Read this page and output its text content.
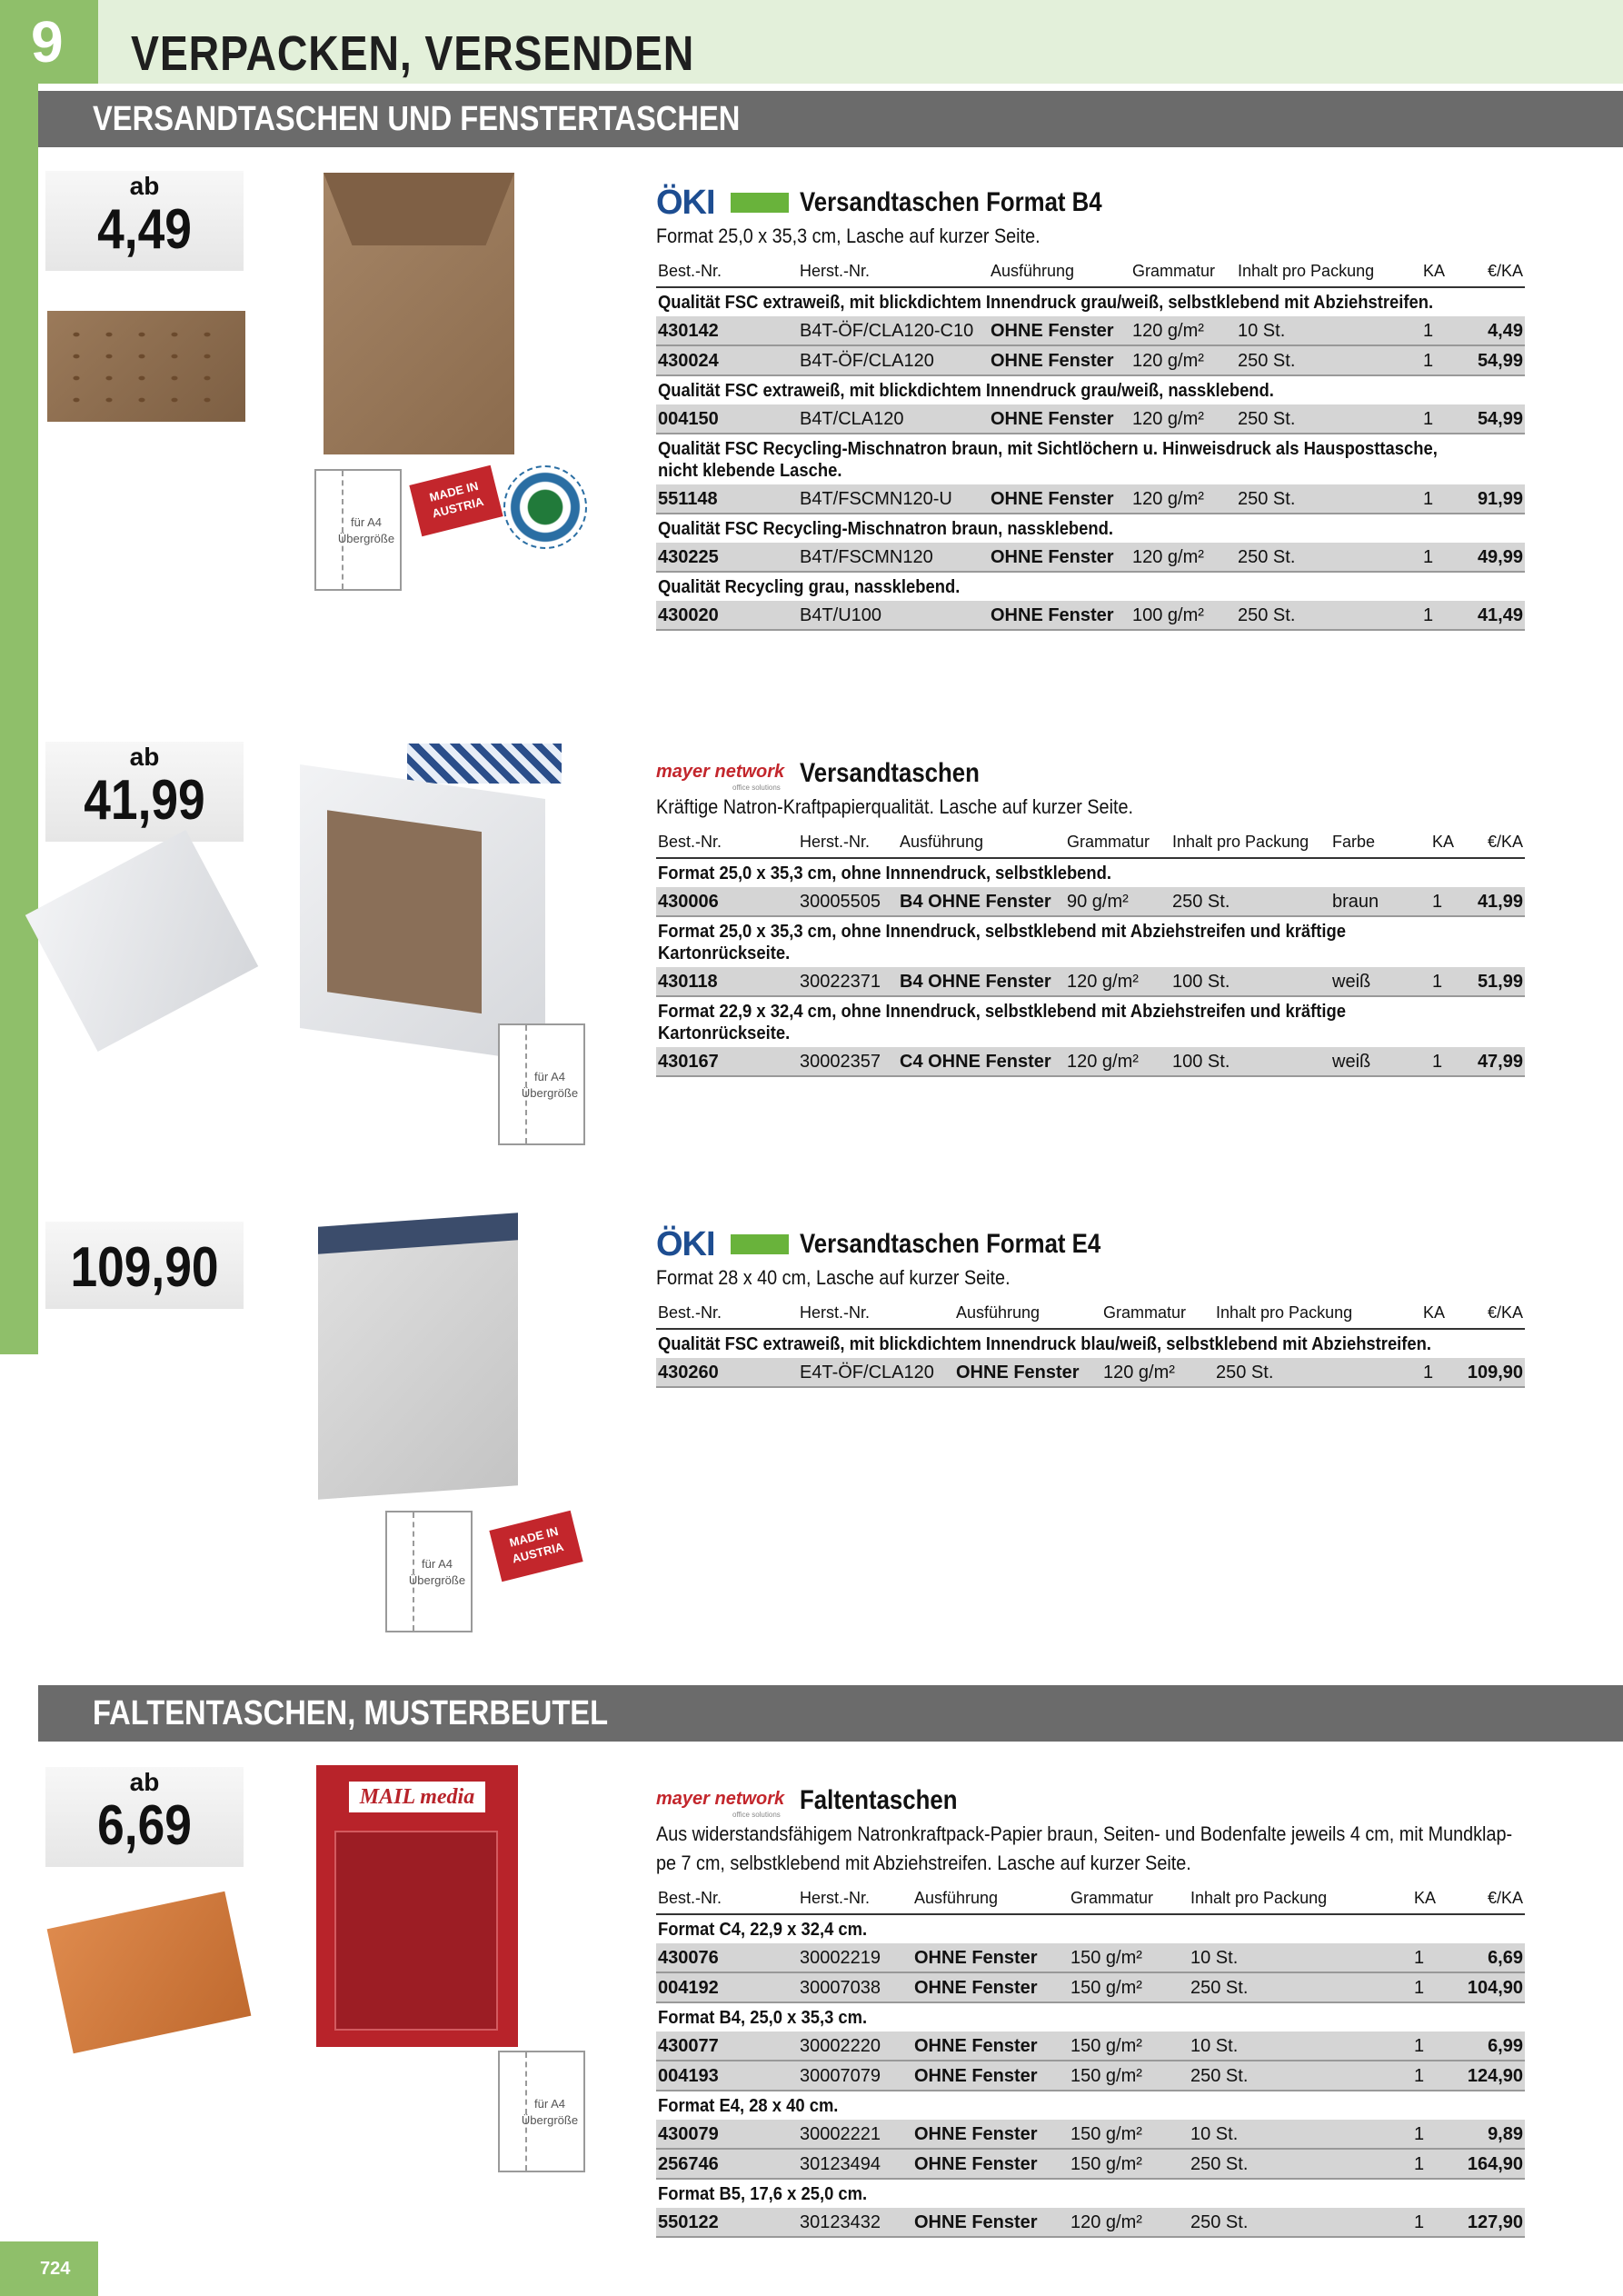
9	VERPACKEN, VERSENDEN
VERSANDTASCHEN UND FENSTERTASCHEN
ab
4,49
für A4 Übergröße
MADE IN AUSTRIA
ÖKI	Versandtaschen Format B4
Format 25,0 x 35,3 cm, Lasche auf kurzer Seite.
Best.-Nr.	Herst.-Nr.	Ausführung	Grammatur	Inhalt pro Packung	KA	€/KA
Qualität FSC extraweiß, mit blickdichtem Innendruck grau/weiß, selbstklebend mit Abziehstreifen.						
430142	B4T-ÖF/CLA120-C10	OHNE Fenster	120 g/m²	10 St.	1	4,49
430024	B4T-ÖF/CLA120	OHNE Fenster	120 g/m²	250 St.	1	54,99
Qualität FSC extraweiß, mit blickdichtem Innendruck grau/weiß, nassklebend.						
004150	B4T/CLA120	OHNE Fenster	120 g/m²	250 St.	1	54,99
Qualität FSC Recycling-Mischnatron braun, mit Sichtlöchern u. Hinweisdruck als Hausposttasche, nicht klebende Lasche.						
551148	B4T/FSCMN120-U	OHNE Fenster	120 g/m²	250 St.	1	91,99
Qualität FSC Recycling-Mischnatron braun, nassklebend.						
430225	B4T/FSCMN120	OHNE Fenster	120 g/m²	250 St.	1	49,99
Qualität Recycling grau, nassklebend.						
430020	B4T/U100	OHNE Fenster	100 g/m²	250 St.	1	41,49
ab
41,99
für A4 Übergröße
mayer network
office solutions Versandtaschen
Kräftige Natron-Kraftpapierqualität. Lasche auf kurzer Seite.
Best.-Nr.	Herst.-Nr.	Ausführung	Grammatur	Inhalt pro Packung	Farbe	KA	€/KA
Format 25,0 x 35,3 cm, ohne Innnendruck, selbstklebend.							
430006	30005505	B4 OHNE Fenster	90 g/m²	250 St.	braun	1	41,99
Format 25,0 x 35,3 cm, ohne Innendruck, selbstklebend mit Abziehstreifen und kräftige Kartonrückseite.							
430118	30022371	B4 OHNE Fenster	120 g/m²	100 St.	weiß	1	51,99
Format 22,9 x 32,4 cm, ohne Innendruck, selbstklebend mit Abziehstreifen und kräftige Kartonrückseite.							
430167	30002357	C4 OHNE Fenster	120 g/m²	100 St.	weiß	1	47,99
109,90
für A4 Übergröße
MADE IN AUSTRIA
ÖKI	Versandtaschen Format E4
Format 28 x 40 cm, Lasche auf kurzer Seite.
Best.-Nr.	Herst.-Nr.	Ausführung	Grammatur	Inhalt pro Packung	KA	€/KA
Qualität FSC extraweiß, mit blickdichtem Innendruck blau/weiß, selbstklebend mit Abziehstreifen.						
430260	E4T-ÖF/CLA120	OHNE Fenster	120 g/m²	250 St.	1	109,90
FALTENTASCHEN, MUSTERBEUTEL
ab
6,69	MAIL media
für A4 Übergröße
mayer network
office solutions Faltentaschen
Aus widerstandsfähigem Natronkraftpack-Papier braun, Seiten- und Bodenfalte jeweils 4 cm, mit Mundklap-pe 7 cm, selbstklebend mit Abziehstreifen. Lasche auf kurzer Seite.
Best.-Nr.	Herst.-Nr.	Ausführung	Grammatur	Inhalt pro Packung	KA	€/KA
Format C4, 22,9 x 32,4 cm.						
430076	30002219	OHNE Fenster	150 g/m²	10 St.	1	6,69
004192	30007038	OHNE Fenster	150 g/m²	250 St.	1	104,90
Format B4, 25,0 x 35,3 cm.						
430077	30002220	OHNE Fenster	150 g/m²	10 St.	1	6,99
004193	30007079	OHNE Fenster	150 g/m²	250 St.	1	124,90
Format E4, 28 x 40 cm.						
430079	30002221	OHNE Fenster	150 g/m²	10 St.	1	9,89
256746	30123494	OHNE Fenster	150 g/m²	250 St.	1	164,90
Format B5, 17,6 x 25,0 cm.						
550122	30123432	OHNE Fenster	120 g/m²	250 St.	1	127,90
724
